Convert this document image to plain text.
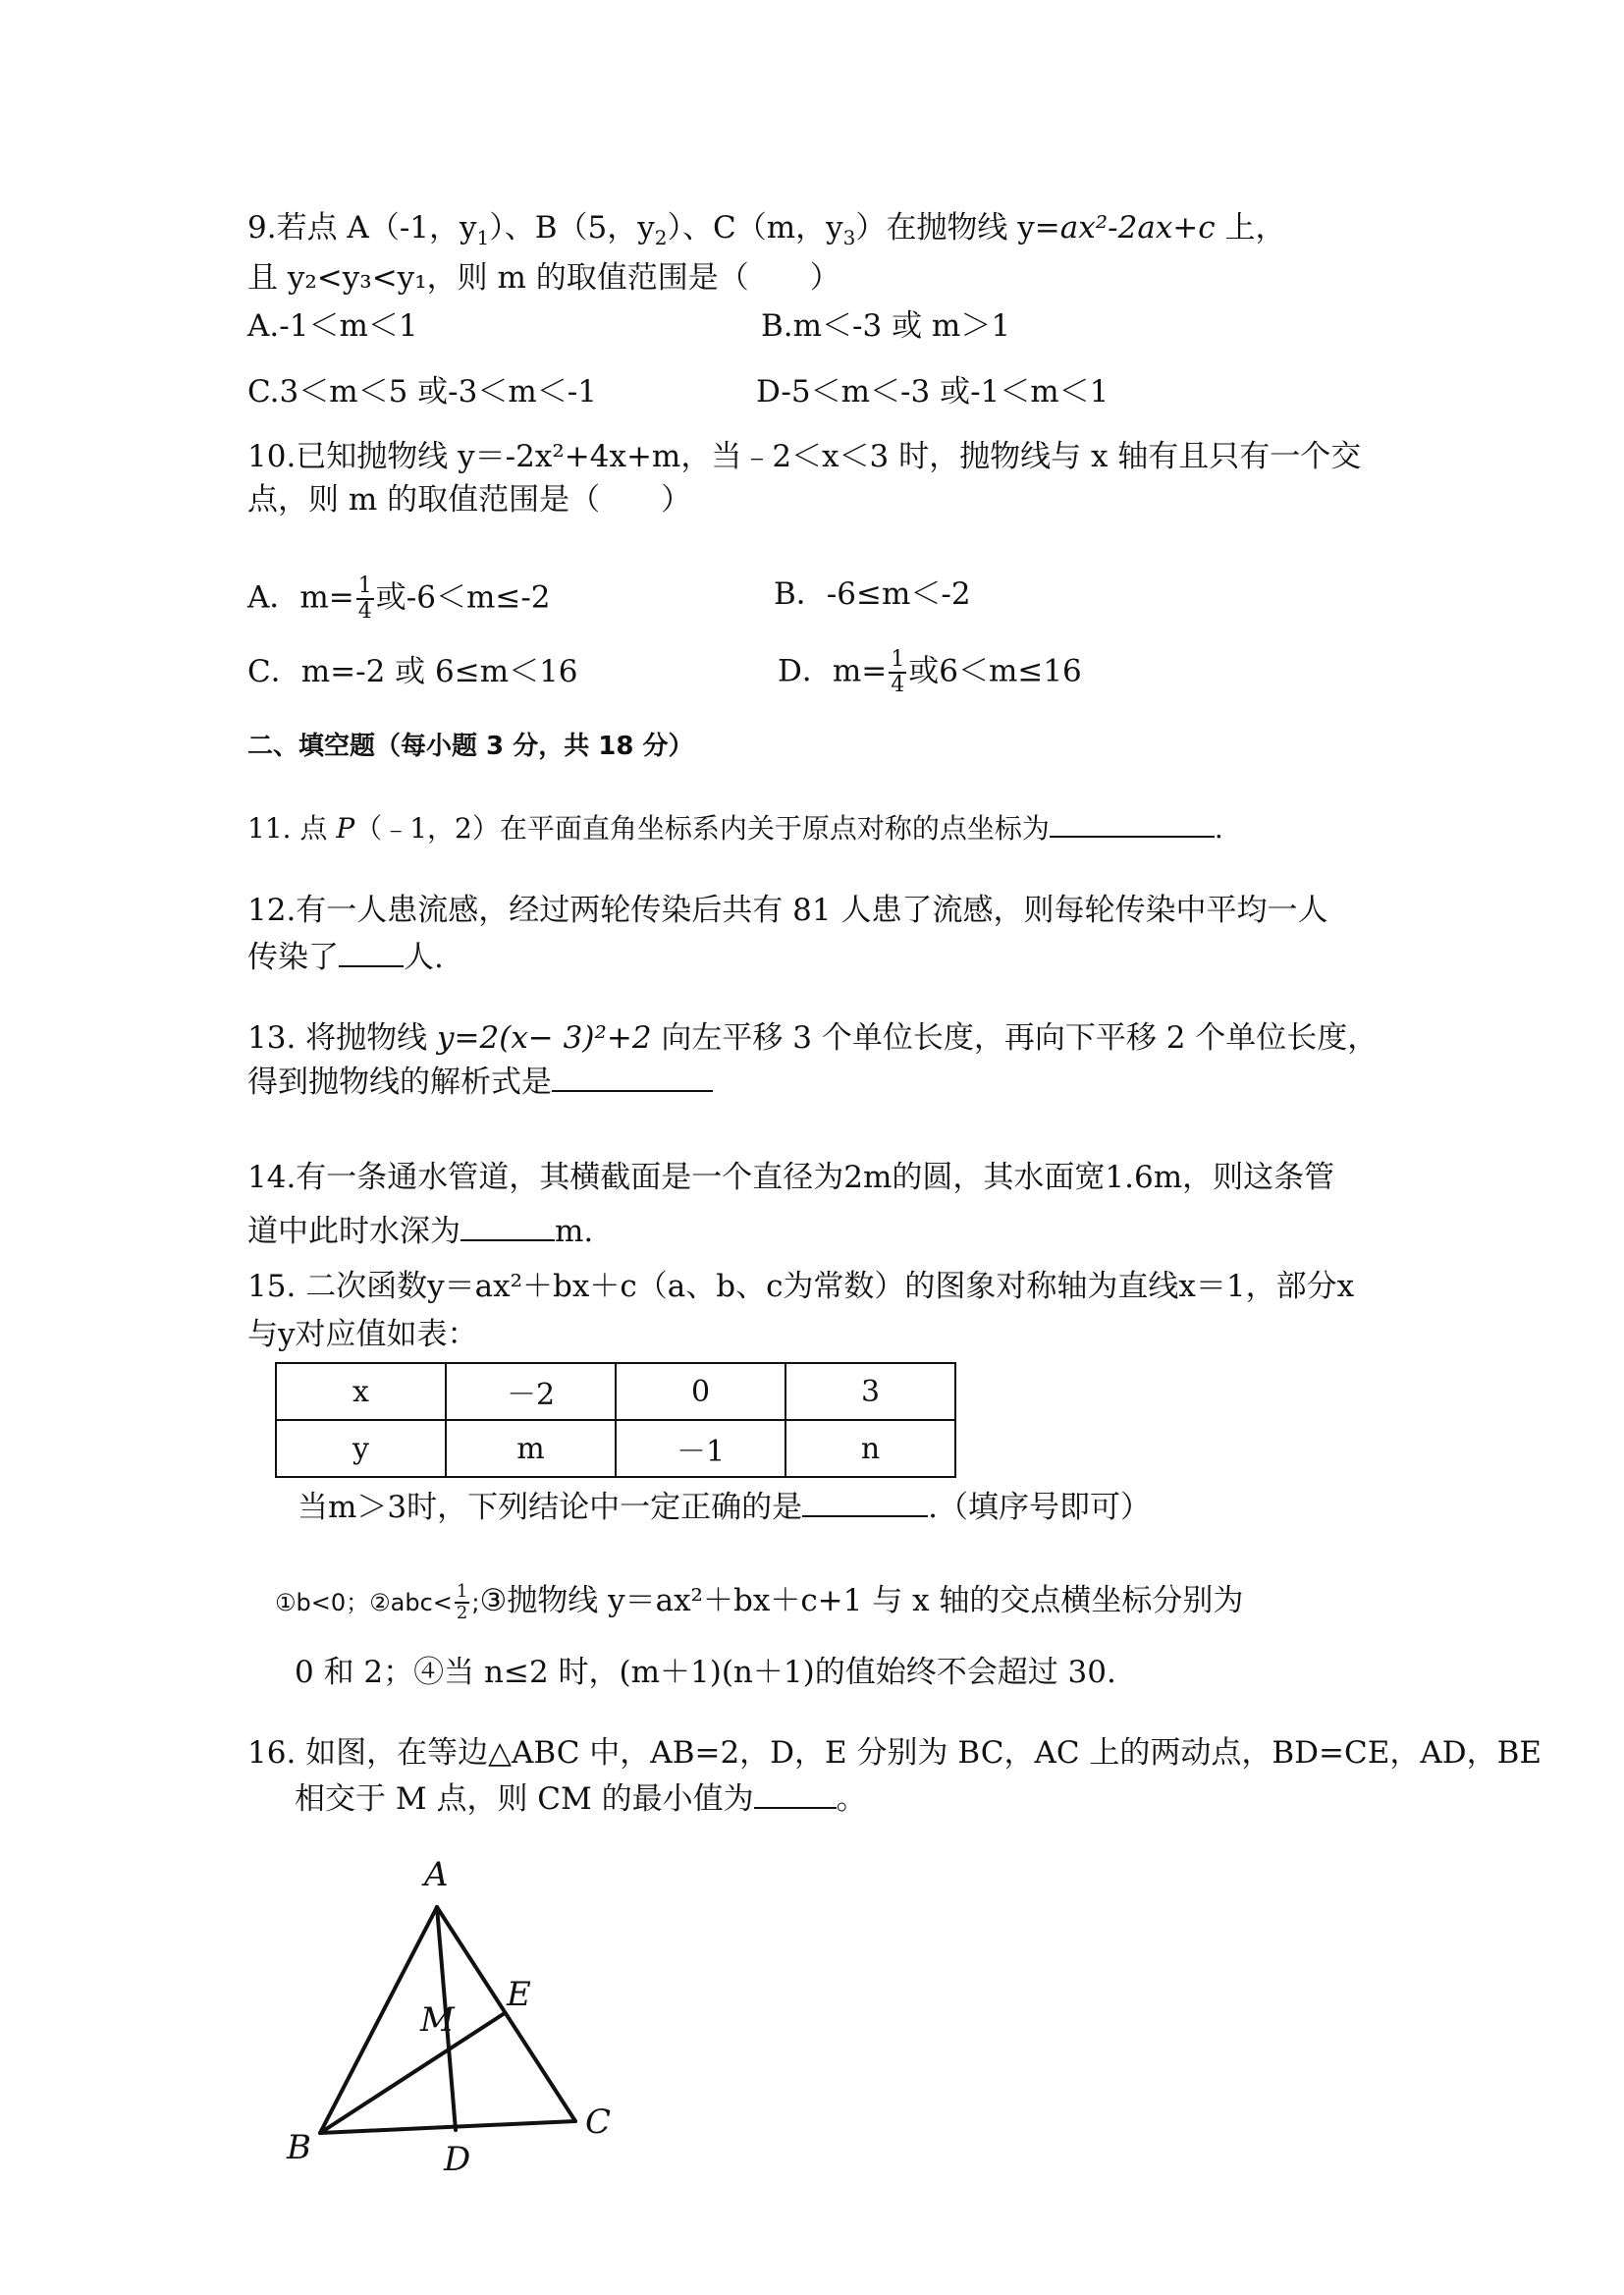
9.若点 A（-1，$y_1$）、B（5，$y_2$）、C（m，$y_3$）在抛物线 y=ax²-2ax+c 上，
且 y₂<y₃<y₁，则 m 的取值范围是（　　）
A.-1＜m＜1	B.m＜-3 或 m＞1
C.3＜m＜5 或-3＜m＜-1	D-5＜m＜-3 或-1＜m＜1
10.已知抛物线 y＝-2x²+4x+m，当﹣2＜x＜3 时，抛物线与 x 轴有且只有一个交
点，则 m 的取值范围是（　　）
A．$m= \frac{1}{4}$ 或-6＜m≤-2	B．-6≤m＜-2
C．m=-2 或 6≤m＜16	D．$m= \frac{1}{4}$ 或6＜m≤16
二、填空题（每小题 3 分，共 18 分）
11. 点 P（﹣1，2）在平面直角坐标系内关于原点对称的点坐标为	.
12.有一人患流感，经过两轮传染后共有 81 人患了流感，则每轮传染中平均一人
传染了 人.
13. 将抛物线 y=2(x− 3)²+2 向左平移 3 个单位长度，再向下平移 2 个单位长度，
得到抛物线的解析式是
14.有一条通水管道，其横截面是一个直径为2m的圆，其水面宽1.6m，则这条管
道中此时水深为	m.
15. 二次函数y＝ax²＋bx＋c（a、b、c为常数）的图象对称轴为直线x＝1，部分x
与y对应值如表：
x	－2	0	3
y	m	－1	n
当m＞3时，下列结论中一定正确的是	.（填序号即可）
①b<0；②abc< $\frac{1}{2}$ ;③抛物线 y＝ax²＋bx＋c+1 与 x 轴的交点横坐标分别为
0 和 2；④当 n≤2 时，(m＋1)(n＋1)的值始终不会超过 30.
16. 如图，在等边△ABC 中，AB=2，D，E 分别为 BC，AC 上的两动点，BD=CE，AD，BE
相交于 M 点，则 CM 的最小值为	。
A
B
C
D
E
M
